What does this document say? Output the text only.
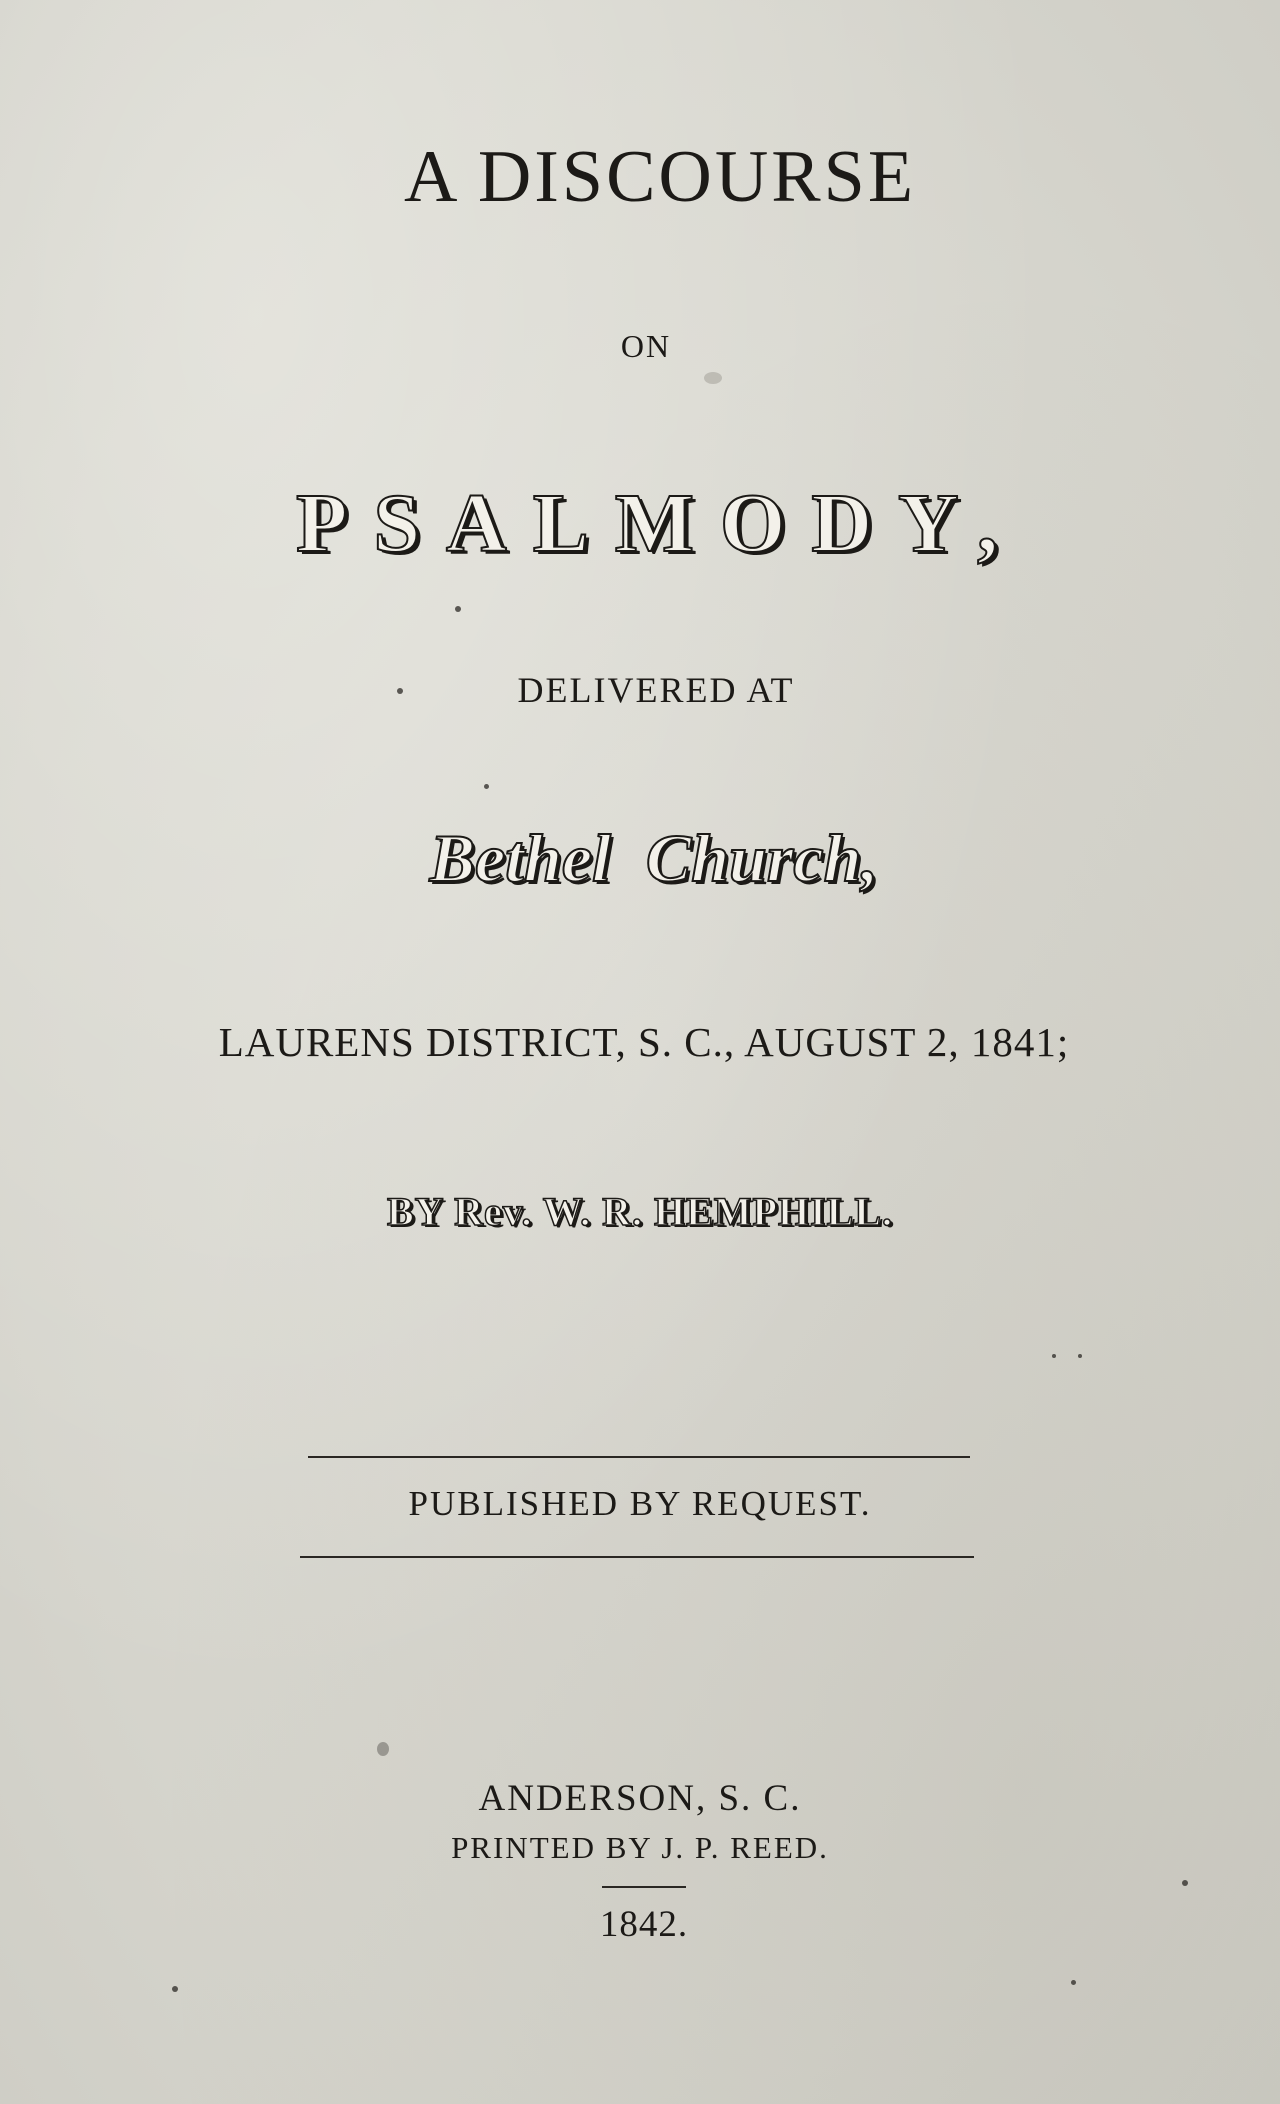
A DISCOURSE
ON
PSALMODY,
DELIVERED AT
Bethel Church,
LAURENS DISTRICT, S. C., AUGUST 2, 1841;
BY Rev. W. R. HEMPHILL.
PUBLISHED BY REQUEST.
ANDERSON, S. C.
PRINTED BY J. P. REED.
1842.
